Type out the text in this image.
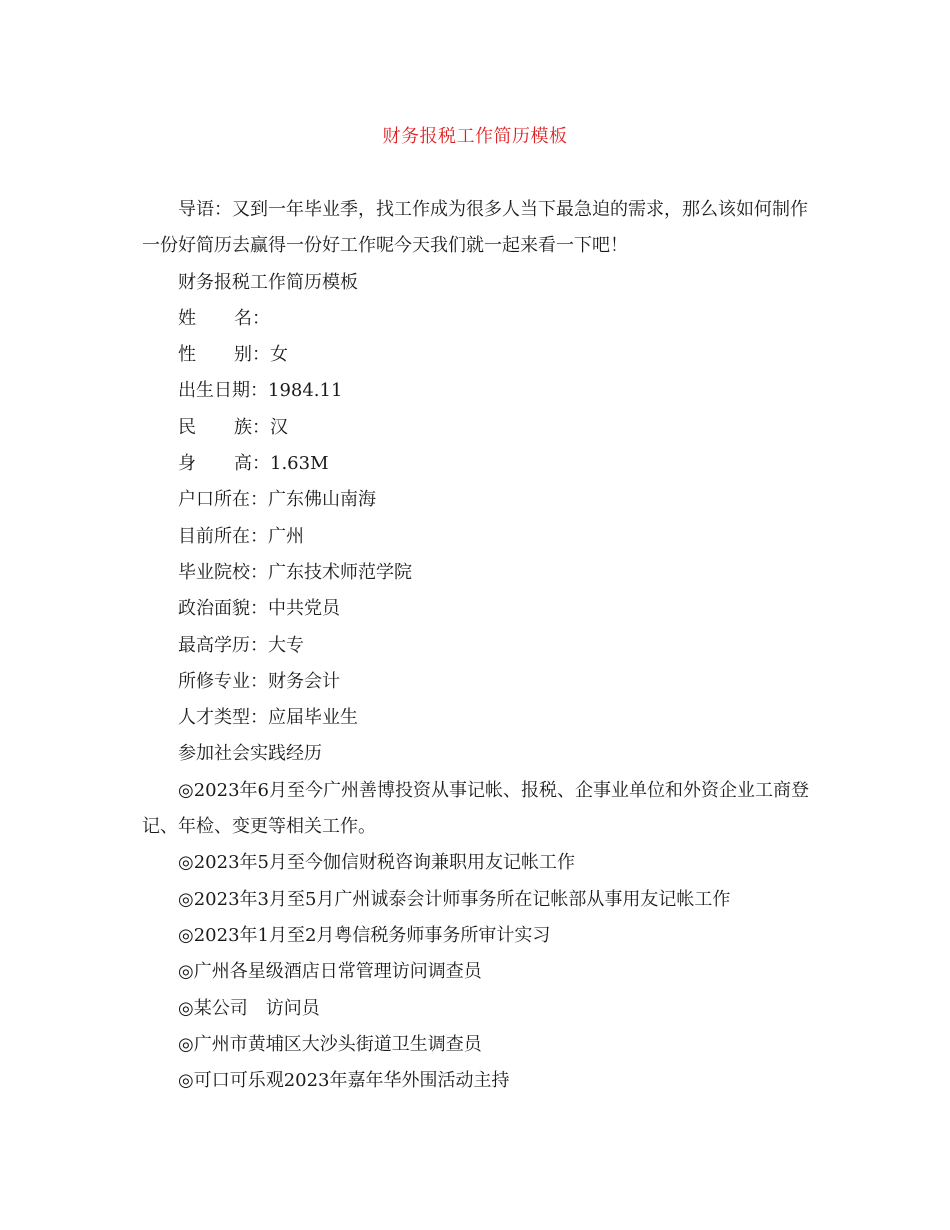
财务报税工作简历模板

导语：又到一年毕业季，找工作成为很多人当下最急迫的需求，那么该如何制作一份好简历去赢得一份好工作呢今天我们就一起来看一下吧！

财务报税工作简历模板

姓 名：

性 别：女

出生日期：1984.11

民 族：汉

身 高：1.63M

户口所在：广东佛山南海

目前所在：广州

毕业院校：广东技术师范学院

政治面貌：中共党员

最高学历：大专

所修专业：财务会计

人才类型：应届毕业生

参加社会实践经历

◎2023年6月至今广州善博投资从事记帐、报税、企事业单位和外资企业工商登记、年检、变更等相关工作。

◎2023年5月至今伽信财税咨询兼职用友记帐工作

◎2023年3月至5月广州诚泰会计师事务所在记帐部从事用友记帐工作

◎2023年1月至2月粤信税务师事务所审计实习

◎广州各星级酒店日常管理访问调查员

◎某公司　访问员

◎广州市黄埔区大沙头街道卫生调查员

◎可口可乐观2023年嘉年华外围活动主持
